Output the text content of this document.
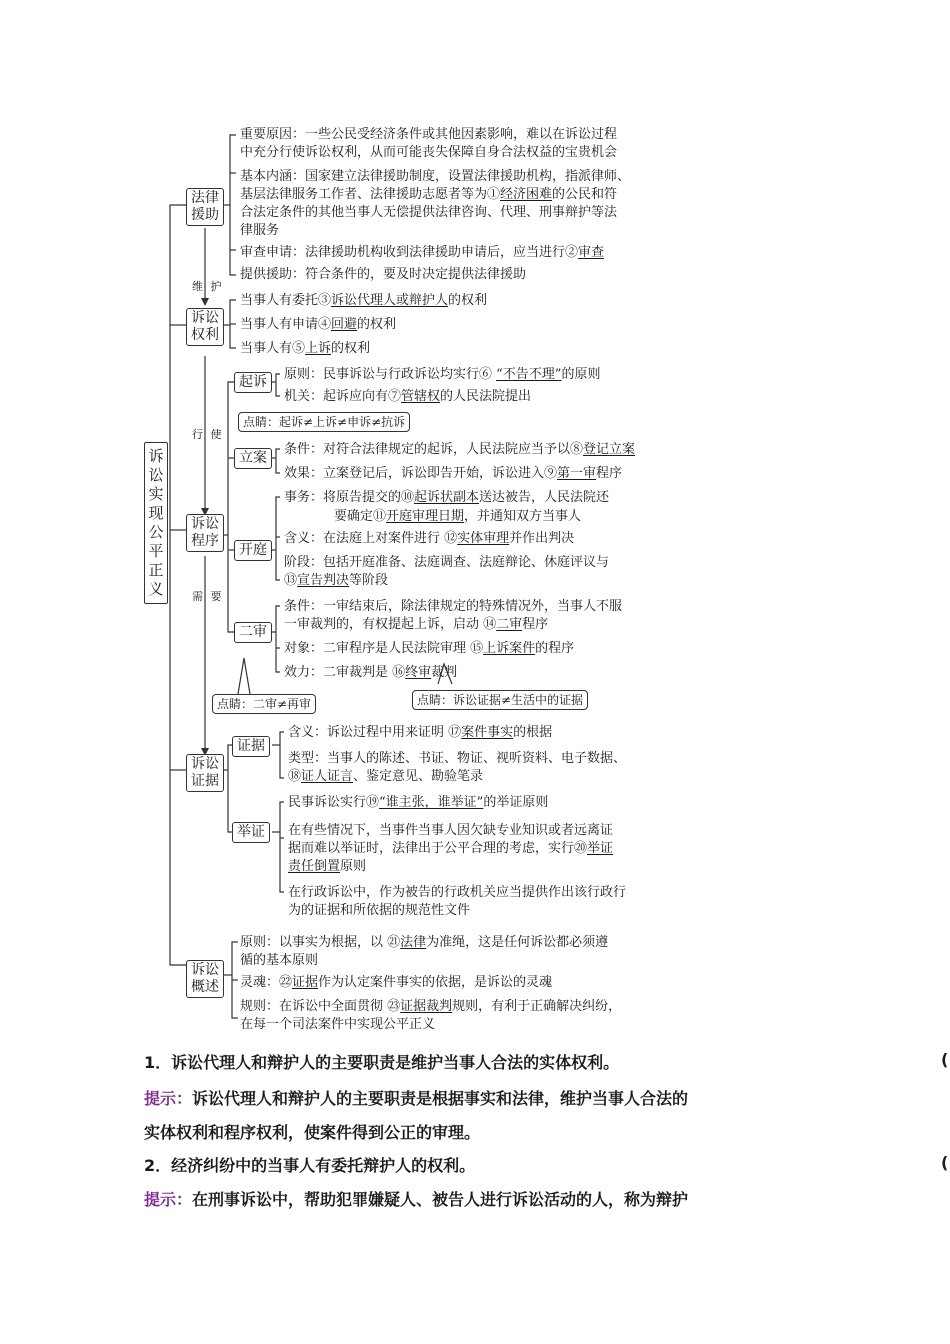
诉讼实现公平正义
维 护
行 使
需 要
法律援助
重要原因：一些公民受经济条件或其他因素影响，难以在诉讼过程
中充分行使诉讼权利，从而可能丧失保障自身合法权益的宝贵机会
基本内涵：国家建立法律援助制度，设置法律援助机构，指派律师、
基层法律服务工作者、法律援助志愿者等为①经济困难的公民和符
合法定条件的其他当事人无偿提供法律咨询、代理、刑事辩护等法
律服务
审查申请：法律援助机构收到法律援助申请后，应当进行②审查
提供援助：符合条件的，要及时决定提供法律援助
诉讼权利
当事人有委托③诉讼代理人或辩护人的权利
当事人有申请④回避的权利
当事人有⑤上诉的权利
诉讼程序
起诉	原则：民事诉讼与行政诉讼均实行⑥ “不告不理”的原则
机关：起诉应向有⑦管辖权的人民法院提出
点睛：起诉≠上诉≠申诉≠抗诉
立案
条件：对符合法律规定的起诉，人民法院应当予以⑧登记立案
效果：立案登记后，诉讼即告开始，诉讼进入⑨第一审程序
开庭
事务：将原告提交的⑩起诉状副本送达被告，人民法院还
要确定⑪开庭审理日期，并通知双方当事人
含义：在法庭上对案件进行 ⑫实体审理并作出判决
阶段：包括开庭准备、法庭调查、法庭辩论、休庭评议与
⑬宣告判决等阶段
二审
条件：一审结束后，除法律规定的特殊情况外，当事人不服
一审裁判的，有权提起上诉，启动 ⑭二审程序
对象：二审程序是人民法院审理 ⑮上诉案件的程序
效力：二审裁判是 ⑯终审裁判
点睛：二审≠再审	点睛：诉讼证据≠生活中的证据
诉讼证据
证据
含义：诉讼过程中用来证明 ⑰案件事实的根据
类型：当事人的陈述、书证、物证、视听资料、电子数据、
⑱证人证言、鉴定意见、勘验笔录
举证
民事诉讼实行⑲“谁主张，谁举证”的举证原则
在有些情况下，当事件当事人因欠缺专业知识或者远离证
据而难以举证时，法律出于公平合理的考虑，实行⑳举证
责任倒置原则
在行政诉讼中，作为被告的行政机关应当提供作出该行政行
为的证据和所依据的规范性文件
诉讼概述
原则：以事实为根据，以 ㉑法律为准绳，这是任何诉讼都必须遵
循的基本原则
灵魂：㉒证据作为认定案件事实的依据，是诉讼的灵魂
规则：在诉讼中全面贯彻 ㉓证据裁判规则，有利于正确解决纠纷，
在每一个司法案件中实现公平正义
1．诉讼代理人和辩护人的主要职责是维护当事人合法的实体权利。	(
提示：诉讼代理人和辩护人的主要职责是根据事实和法律，维护当事人合法的
实体权利和程序权利，使案件得到公正的审理。
2．经济纠纷中的当事人有委托辩护人的权利。	(
提示：在刑事诉讼中，帮助犯罪嫌疑人、被告人进行诉讼活动的人，称为辩护
